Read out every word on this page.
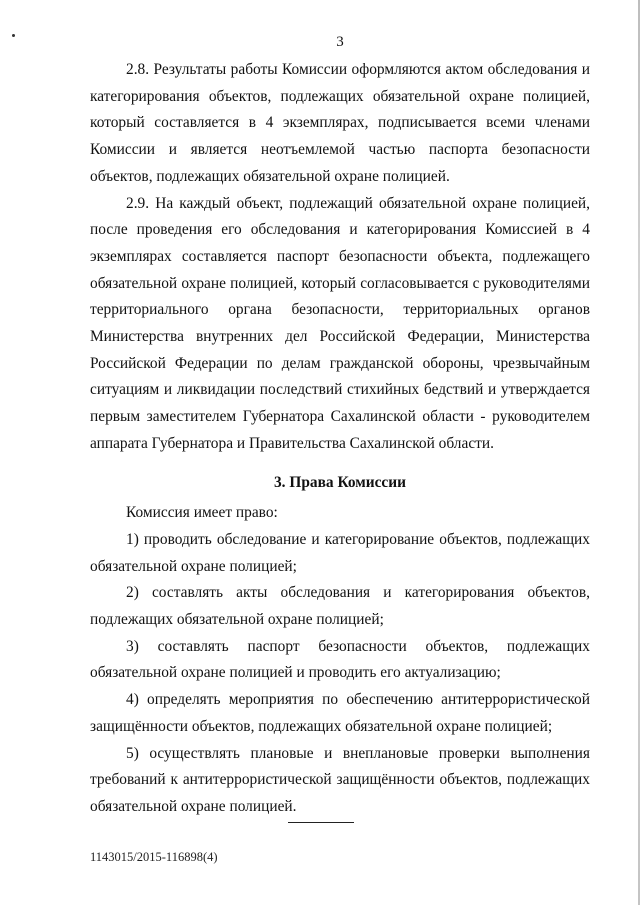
3

2.8. Результаты работы Комиссии оформляются актом обследования и категорирования объектов, подлежащих обязательной охране полицией, который составляется в 4 экземплярах, подписывается всеми членами Комиссии и является неотъемлемой частью паспорта безопасности объектов, подлежащих обязательной охране полицией.

2.9. На каждый объект, подлежащий обязательной охране полицией, после проведения его обследования и категорирования Комиссией в 4 экземплярах составляется паспорт безопасности объекта, подлежащего обязательной охране полицией, который согласовывается с руководителями территориального органа безопасности, территориальных органов Министерства внутренних дел Российской Федерации, Министерства Российской Федерации по делам гражданской обороны, чрезвычайным ситуациям и ликвидации последствий стихийных бедствий и утверждается первым заместителем Губернатора Сахалинской области - руководителем аппарата Губернатора и Правительства Сахалинской области.

3. Права Комиссии

Комиссия имеет право:

1) проводить обследование и категорирование объектов, подлежащих обязательной охране полицией;

2) составлять акты обследования и категорирования объектов, подлежащих обязательной охране полицией;

3) составлять паспорт безопасности объектов, подлежащих обязательной охране полицией и проводить его актуализацию;

4) определять мероприятия по обеспечению антитеррористической защищённости объектов, подлежащих обязательной охране полицией;

5) осуществлять плановые и внеплановые проверки выполнения требований к антитеррористической защищённости объектов, подлежащих обязательной охране полицией.

1143015/2015-116898(4)
